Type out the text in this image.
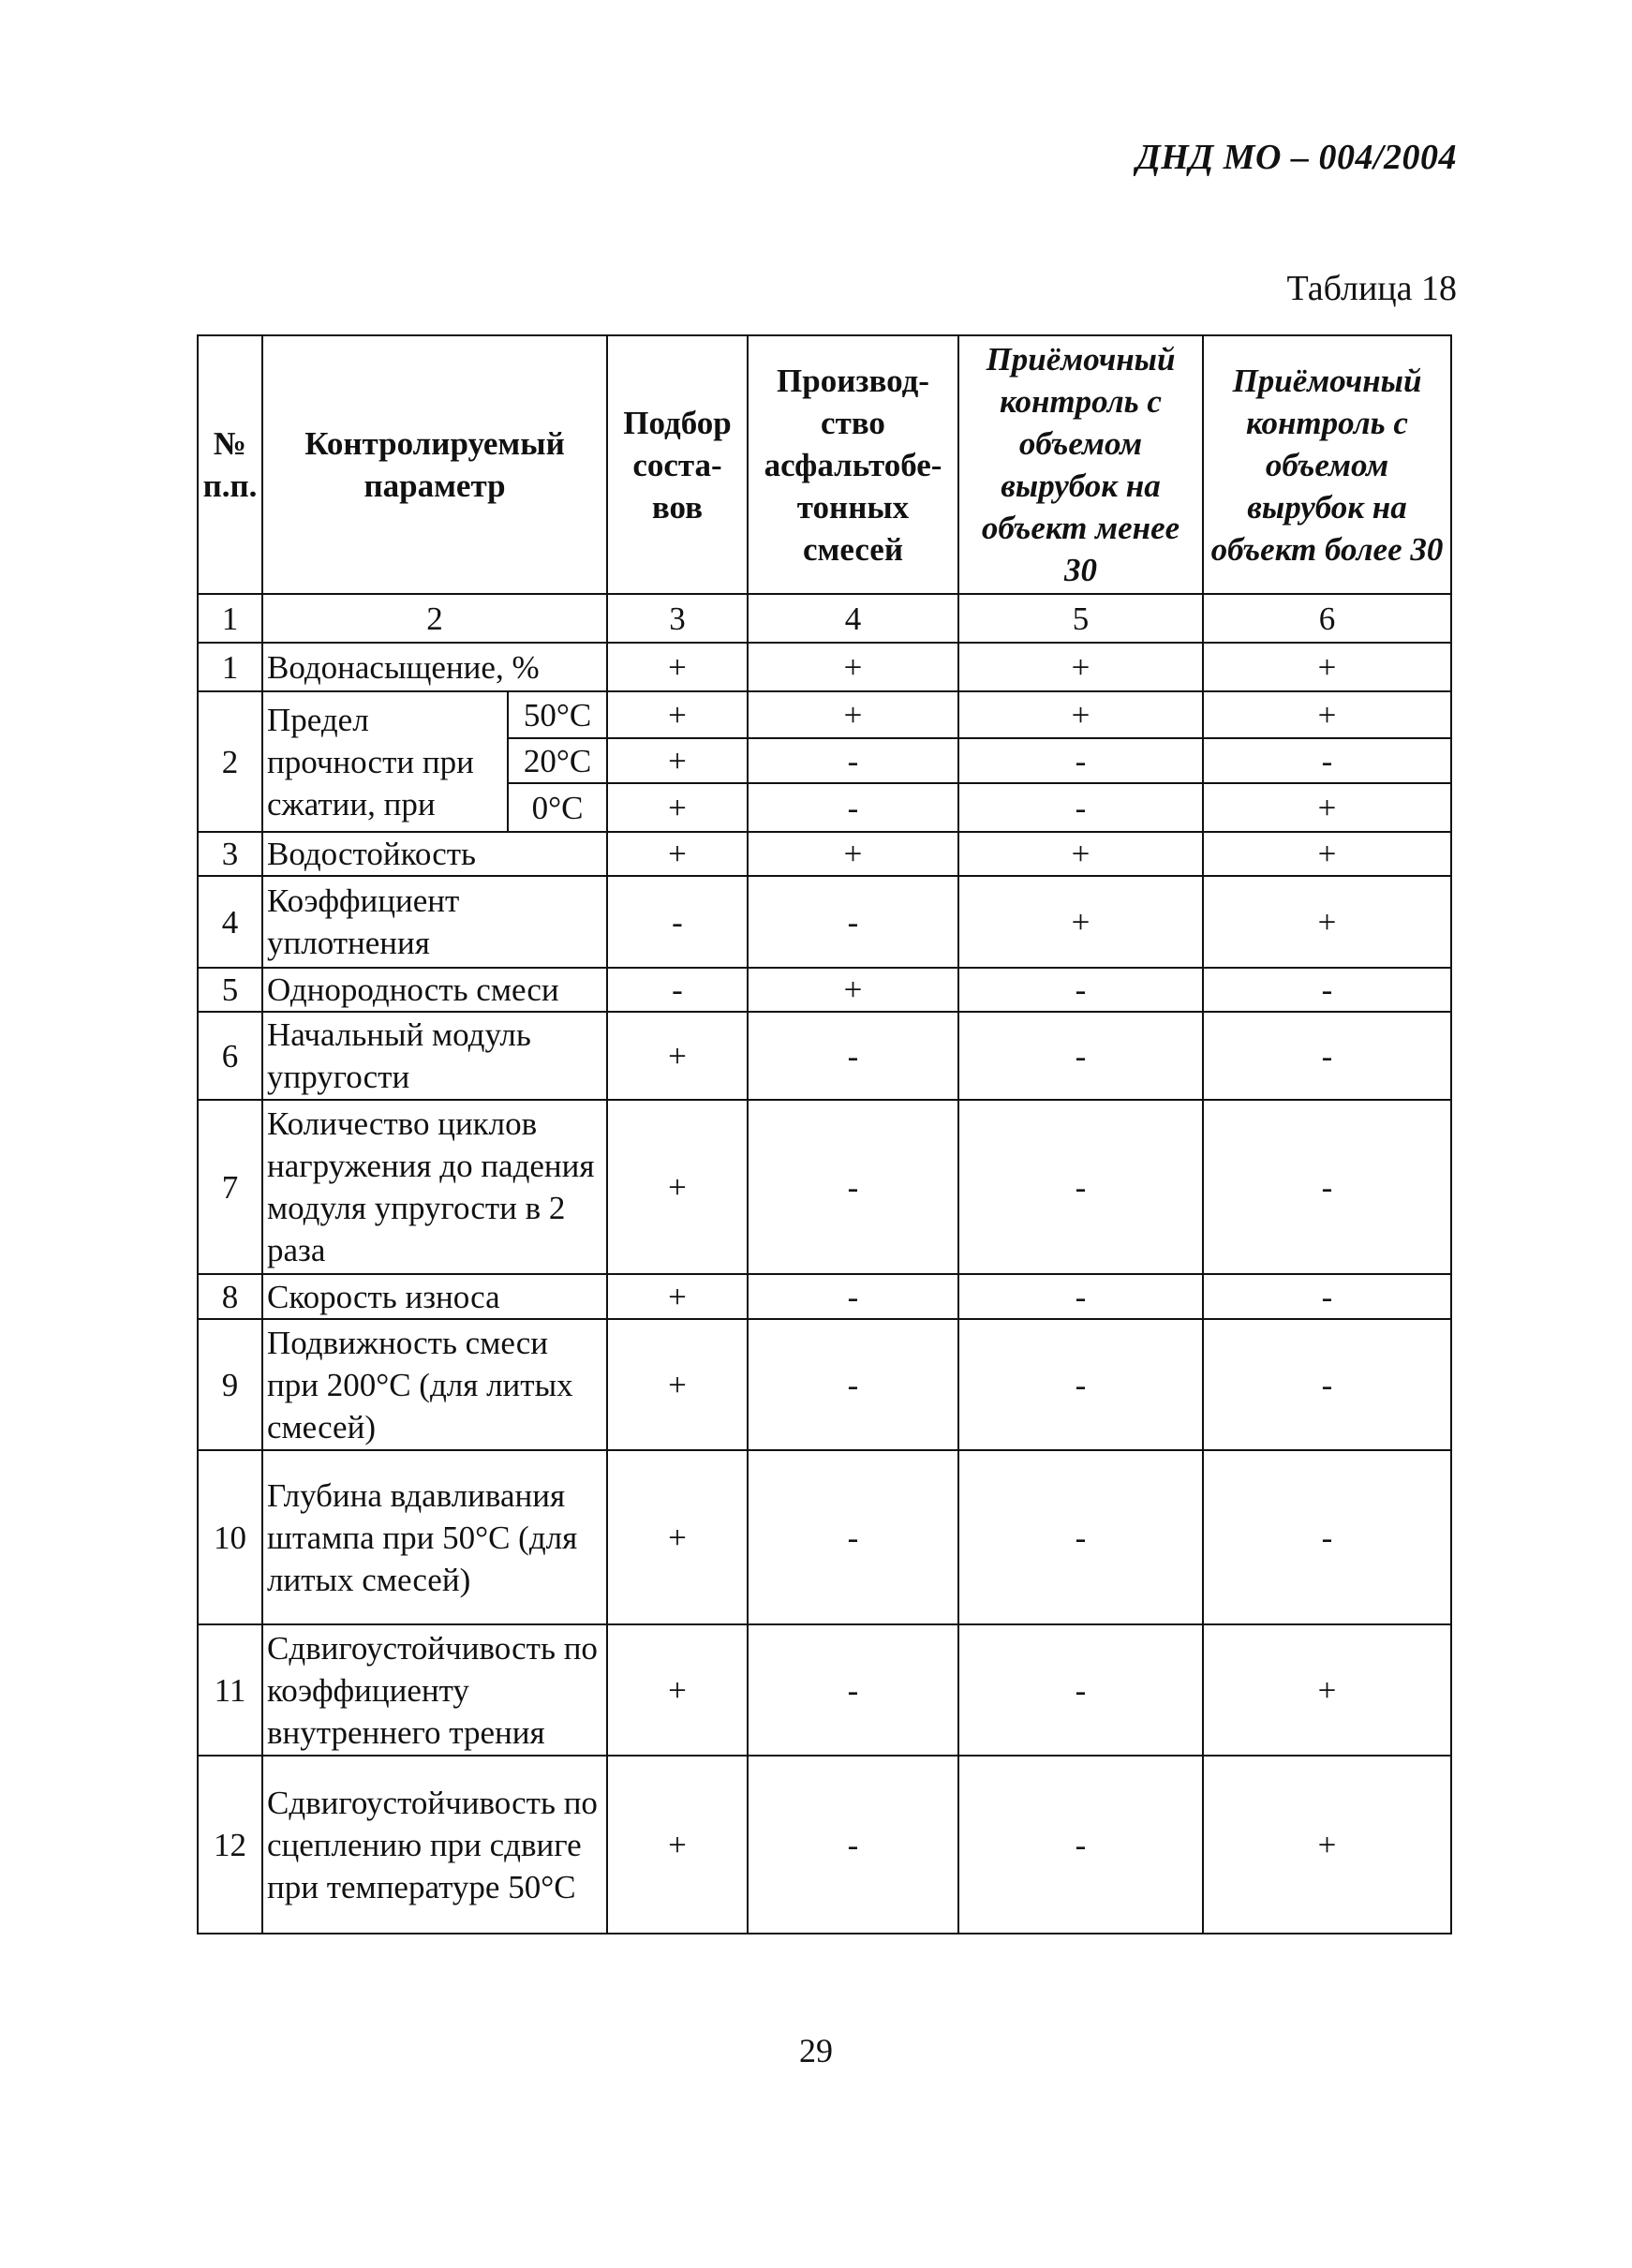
ДНД МО – 004/2004
Таблица 18
№ п.п.	Контролируемый параметр		Подбор соста-вов	Производ-ство асфальтобе-тонных смесей	Приёмочный контроль с объемом вырубок на объект менее 30	Приёмочный контроль с объемом вырубок на объект более 30
1	2		3	4	5	6
1	Водонасыщение, %		+	+	+	+
2	Предел прочности при сжатии, при	50°С	+	+	+	+
		20°С	+	-	-	-
		0°С	+	-	-	+
3	Водостойкость		+	+	+	+
4	Коэффициент уплотнения		-	-	+	+
5	Однородность смеси		-	+	-	-
6	Начальный модуль упругости		+	-	-	-
7	Количество циклов нагружения до падения модуля упругости в 2 раза		+	-	-	-
8	Скорость износа		+	-	-	-
9	Подвижность смеси при 200°С (для литых смесей)		+	-	-	-
10	Глубина вдавливания штампа при 50°С (для литых смесей)		+	-	-	-
11	Сдвигоустойчивость по коэффициенту внутреннего трения		+	-	-	+
12	Сдвигоустойчивость по сцеплению при сдвиге при температуре 50°С		+	-	-	+
29
